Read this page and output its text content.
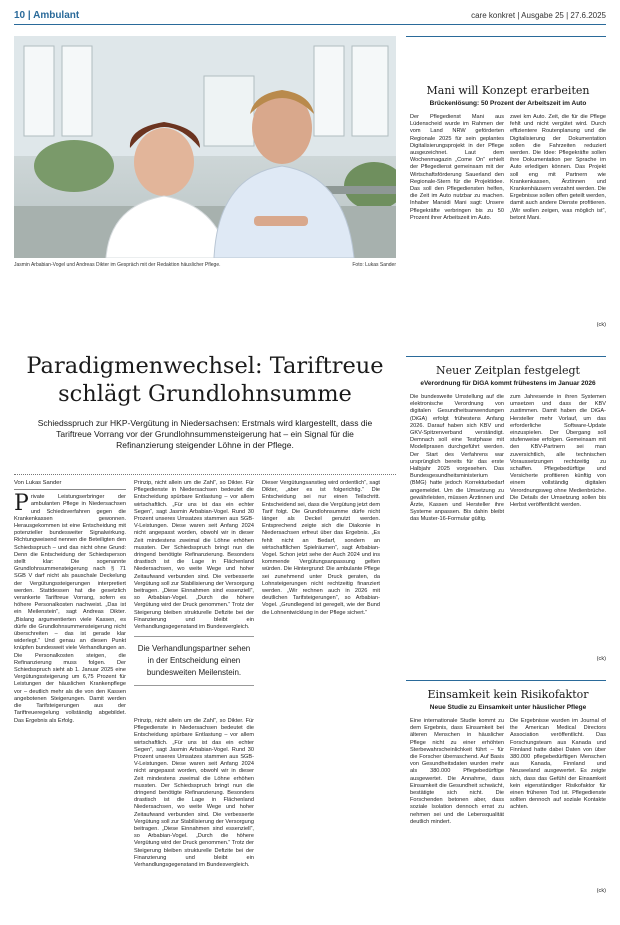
10 | Ambulant	care konkret | Ausgabe 25 | 27.6.2025
Jasmin Arbabian-Vogel und Andreas Dikter im Gespräch mit der Redaktion häuslicher Pflege.	Foto: Lukas Sander
Paradigmenwechsel: Tariftreue
schlägt Grundlohnsumme
Schiedsspruch zur HKP-Vergütung in Niedersachsen: Erstmals wird klargestellt, dass die Tariftreue Vorrang vor der Grundlohnsummensteigerung hat – ein Signal für die Refinanzierung steigender Löhne in der Pflege.
Von Lukas Sander

Private Leistungserbringer der ambulanten Pflege in Niedersachsen und Schiedsverfahren gegen die Krankenkassen gewonnen. Herausgekommen ist eine Entscheidung mit potenzieller bundesweiter Signalwirkung. Richtungweisend nennen die Beteiligten den Schiedsspruch – und das nicht ohne Grund: Denn die Entscheidung der Schiedsperson stellt klar: Die sogenannte Grundlohnsummensteigerung nach § 71 SGB V darf nicht als pauschale Deckelung der Vergütungssteigerungen interpretiert werden. Stattdessen hat die gesetzlich verankerte Tariftreue Vorrang, sofern es höhere Personalkosten nachweist. „Das ist ein Meilenstein“, sagt Andreas Dikter. „Bislang argumentierten viele Kassen, es dürfe die Grundlohnsummensteigerung nicht überschreiten – das ist gerade klar widerlegt.“ Und genau an diesen Punkt knüpfen bundesweit viele Verhandlungen an. Die Personalkosten steigen, die Refinanzierung muss folgen. Der Schiedsspruch sieht ab 1. Januar 2025 eine Vergütungssteigerung um 6,75 Prozent für Leistungen der häuslichen Krankenpflege vor – deutlich mehr als die von den Kassen angebotenen Steigerungen. Damit werden die Tarifsteigerungen aus der Tariftreueregelung vollständig abgebildet. Das Ergebnis als Erfolg.

Prinzip, nicht allein um die Zahl“, so Dikter. Für Pflegedienste in Niedersachsen bedeutet die Entscheidung spürbare Entlastung – vor allem wirtschaftlich. „Für uns ist das ein echter Segen“, sagt Jasmin Arbabian-Vogel. Rund 30 Prozent unseres Umsatzes stammen aus SGB-V-Leistungen. Diese waren seit Anfang 2024 nicht angepasst worden, obwohl wir in dieser Zeit mindestens zweimal die Löhne erhöhen mussten. Der Schiedsspruch bringt nun die dringend benötigte Refinanzierung. Besonders drastisch ist die Lage in Flächenland Niedersachsen, wo weite Wege und hoher Zeitaufwand verbunden sind. Die verbesserte Vergütung soll zur Stabilisierung der Versorgung beitragen. „Diese Einnahmen sind essenziell“, so Arbabian-Vogel. „Durch die höhere Vergütung wird der Druck genommen.“ Trotz der Steigerung bleiben strukturelle Defizite bei der Finanzierung und bleibt ein Verhandlungsgegenstand im Bundesvergleich.

Die Verhandlungspartner sehen in der Entscheidung einen bundesweiten Meilenstein.

Prinzip, nicht allein um die Zahl“, so Dikter. Für Pflegedienste in Niedersachsen bedeutet die Entscheidung spürbare Entlastung – vor allem wirtschaftlich. „Für uns ist das ein echter Segen“, sagt Jasmin Arbabian-Vogel. Rund 30 Prozent unseres Umsatzes stammen aus SGB-V-Leistungen. Diese waren seit Anfang 2024 nicht angepasst worden, obwohl wir in dieser Zeit mindestens zweimal die Löhne erhöhen mussten. Der Schiedsspruch bringt nun die dringend benötigte Refinanzierung. Besonders drastisch ist die Lage in Flächenland Niedersachsen, wo weite Wege und hoher Zeitaufwand verbunden sind. Die verbesserte Vergütung soll zur Stabilisierung der Versorgung beitragen. „Diese Einnahmen sind essenziell“, so Arbabian-Vogel. „Durch die höhere Vergütung wird der Druck genommen.“ Trotz der Steigerung bleiben strukturelle Defizite bei der Finanzierung und bleibt ein Verhandlungsgegenstand im Bundesvergleich.

Dieser Vergütungsanstieg wird ordentlich“, sagt Dikter, „aber es ist folgerichtig.“ Die Entscheidung sei nur einen Teilschritt. Entscheidend sei, dass die Vergütung jetzt dem Tarif folgt. Die Grundlohnsumme dürfe nicht länger als Deckel genutzt werden. Entsprechend zeigte sich die Diakonie in Niedersachsen erfreut über das Ergebnis. „Es fehlt nicht an Bedarf, sondern an wirtschaftlichen Spielräumen“, sagt Arbabian-Vogel. Schon jetzt sehe der Auch 2024 und ins kommende Vergütungsanpassung gelten würden. Die Hintergrund: Die ambulante Pflege sei zunehmend unter Druck geraten, da Lohnsteigerungen nicht rechtzeitig finanziert werden. „Wir rechnen auch in 2026 mit deutlichen Tarifsteigerungen“, so Arbabian-Vogel. „Grundlegend ist geregelt, wie der Bund die Lohnentwicklung in der Pflege sichert.“

Mani will Konzept erarbeiten
Brückenlösung: 50 Prozent der Arbeitszeit im Auto

Der Pflegedienst Mani aus Lüdenscheid wurde im Rahmen der vom Land NRW geförderten Regionale 2025 für sein geplantes Digitalisierungsprojekt in der Pflege ausgezeichnet. Laut dem Wochenmagazin „Come On“ erhielt der Pflegedienst gemeinsam mit der Wirtschaftsförderung Sauerland den Regionale-Stern für die Projektidee. Das soll den Pflegediensten helfen, die Zeit im Auto nutzbar zu machen. Inhaber Marsidi Mani sagt: Unsere Pflegekräfte verbringen bis zu 50 Prozent ihrer Arbeitszeit im Auto.

zwei km Auto. Zeit, die für die Pflege fehlt und nicht vergütet wird. Durch effizientere Routenplanung und die Digitalisierung der Dokumentation sollen die Fahrzeiten reduziert werden. Die Idee: Pflegekräfte sollen ihre Dokumentation per Sprache im Auto erledigen können. Das Projekt soll eng mit Partnern wie Krankenkassen, Ärztinnen und Krankenhäusern verzahnt werden. Die Ergebnisse sollen offen geteilt werden, damit auch andere Dienste profitieren. „Wir wollen zeigen, was möglich ist“, betont Mani.

(ck)
Neuer Zeitplan festgelegt
eVerordnung für DiGA kommt frühestens im Januar 2026

Die bundesweite Umstellung auf die elektronische Verordnung von digitalen Gesundheitsanwendungen (DiGA) erfolgt frühestens Anfang 2026. Darauf haben sich KBV und GKV-Spitzenverband verständigt. Demnach soll eine Testphase mit Modellpraxen durchgeführt werden. Der Start des Verfahrens war ursprünglich bereits für das erste Halbjahr 2025 vorgesehen. Das Bundesgesundheitsministerium (BMG) hatte jedoch Korrekturbedarf angemeldet. Um die Umsetzung zu gewährleisten, müssen Ärztinnen und Ärzte, Kassen und Hersteller ihre Systeme anpassen. Bis dahin bleibt das Muster-16-Formular gültig.

zum Jahresende in ihren Systemen umsetzen und dass der KBV zustimmen. Damit haben die DiGA-Hersteller mehr Vorlauf, um das erforderliche Software-Update einzuspielen. Der Übergang soll stufenweise erfolgen. Gemeinsam mit den KBV-Partnern sei man zuversichtlich, alle technischen Voraussetzungen rechtzeitig zu schaffen. Pflegebedürftige und Versicherte profitieren künftig von einem vollständig digitalen Verordnungsweg ohne Medienbrüche. Die Details der Umsetzung sollen bis Herbst veröffentlicht werden.

(ck)
Einsamkeit kein Risikofaktor
Neue Studie zu Einsamkeit unter häuslicher Pflege

Eine internationale Studie kommt zu dem Ergebnis, dass Einsamkeit bei älteren Menschen in häuslicher Pflege nicht zu einer erhöhten Sterbewahrscheinlichkeit führt – für die Forscher überraschend. Auf Basis von Gesundheitsdaten wurden mehr als 380.000 Pflegebedürftige ausgewertet. Die Annahme, dass Einsamkeit die Gesundheit schwächt, bestätigte sich nicht. Die Forschenden betonen aber, dass soziale Isolation dennoch ernst zu nehmen sei und die Lebensqualität deutlich mindert.

Die Ergebnisse wurden im Journal of the American Medical Directors Association veröffentlicht. Das Forschungsteam aus Kanada und Finnland hatte dabei Daten von über 380.000 pflegebedürftigen Menschen aus Kanada, Finnland und Neuseeland ausgewertet. Es zeigte sich, dass das Gefühl der Einsamkeit kein eigenständiger Risikofaktor für einen früheren Tod ist. Pflegedienste sollten dennoch auf soziale Kontakte achten.

(ck)
